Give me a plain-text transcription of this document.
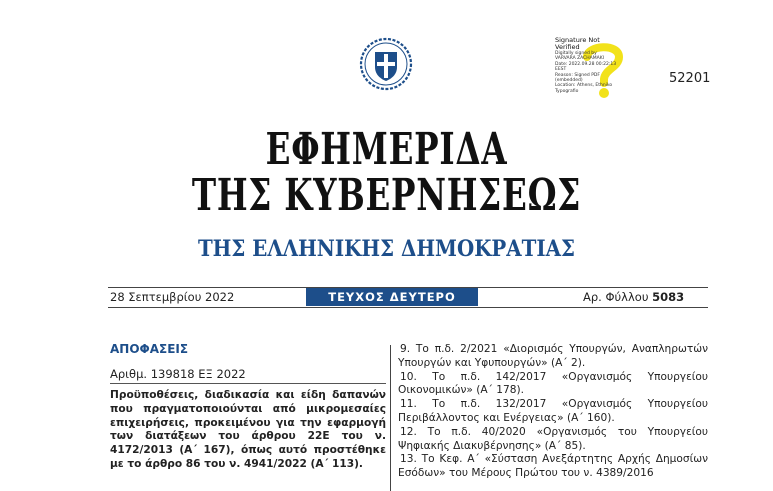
Signature Not
Verified
Digitally signed by
VARVARA ZACHAMAKI
Date: 2022.09.28 00:22:13
EEST
Reason: Signed PDF
(embedded)
Location: Athens, Ethniko
Typografio
52201
ΕΦΗΜΕΡΙΔΑ
ΤΗΣ ΚΥΒΕΡΝΗΣΕΩΣ
ΤΗΣ ΕΛΛΗΝΙΚΗΣ ΔΗΜΟΚΡΑΤΙΑΣ
28 Σεπτεμβρίου 2022	ΤΕΥΧΟΣ ΔΕΥΤΕΡΟ	Αρ. Φύλλου 5083
ΑΠΟΦΑΣΕΙΣ
Αριθμ. 139818 ΕΞ 2022
Προϋποθέσεις, διαδικασία και είδη δαπανών που πραγματοποιούνται από μικρομεσαίες επιχειρήσεις, προκειμένου για την εφαρμογή των διατάξεων του άρθρου 22Ε του ν. 4172/2013 (Α΄ 167), όπως αυτό προστέθηκε με το άρθρο 86 του ν. 4941/2022 (Α΄ 113).

9. Το π.δ. 2/2021 «Διορισμός Υπουργών, Αναπληρωτών Υπουργών και Υφυπουργών» (Α΄ 2).

10. Το π.δ. 142/2017 «Οργανισμός Υπουργείου Οικονομικών» (Α΄ 178).

11. Το π.δ. 132/2017 «Οργανισμός Υπουργείου Περιβάλλοντος και Ενέργειας» (Α΄ 160).

12. Το π.δ. 40/2020 «Οργανισμός του Υπουργείου Ψηφιακής Διακυβέρνησης» (Α΄ 85).

13. Το Κεφ. Α΄ «Σύσταση Ανεξάρτητης Αρχής Δημοσίων Εσόδων» του Μέρους Πρώτου του ν. 4389/2016
